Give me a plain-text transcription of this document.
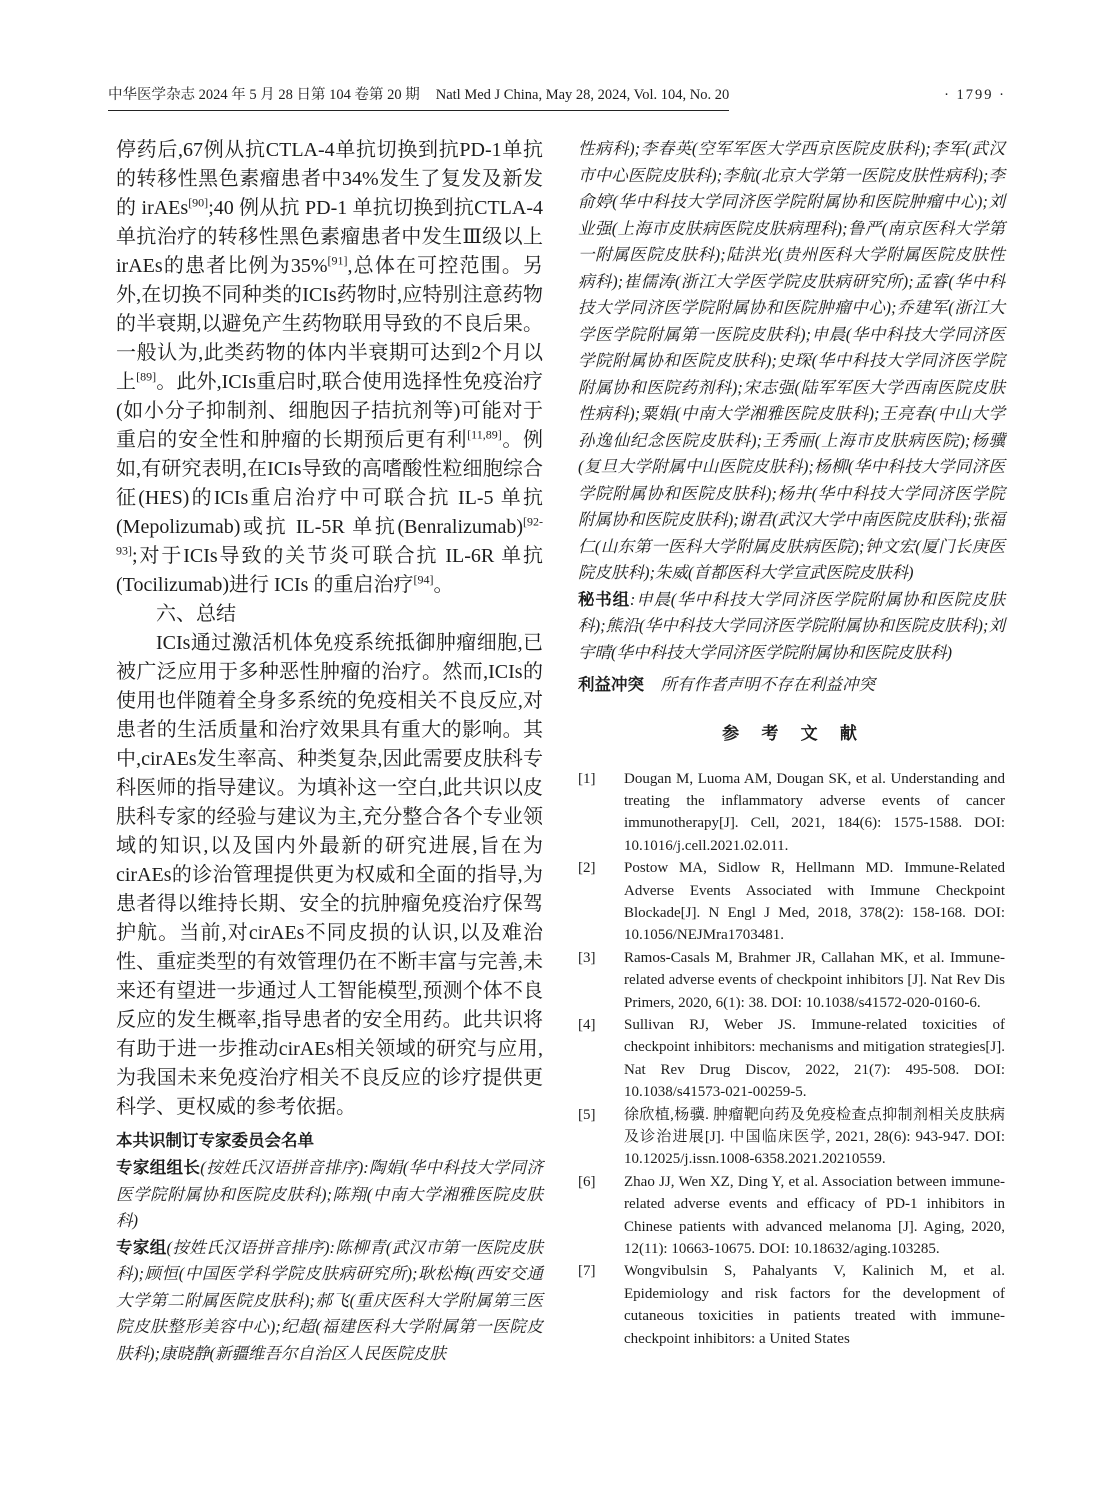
中华医学杂志 2024 年 5 月 28 日第 104 卷第 20 期 Natl Med J China, May 28, 2024, Vol. 104, No. 20	· 1799 ·

停药后,67例从抗CTLA-4单抗切换到抗PD-1单抗的转移性黑色素瘤患者中34%发生了复发及新发的 irAEs[90];40 例从抗 PD-1 单抗切换到抗CTLA-4单抗治疗的转移性黑色素瘤患者中发生Ⅲ级以上irAEs的患者比例为35%[91],总体在可控范围。另外,在切换不同种类的ICIs药物时,应特别注意药物的半衰期,以避免产生药物联用导致的不良后果。一般认为,此类药物的体内半衰期可达到2个月以上[89]。此外,ICIs重启时,联合使用选择性免疫治疗(如小分子抑制剂、细胞因子拮抗剂等)可能对于重启的安全性和肿瘤的长期预后更有利[11,89]。例如,有研究表明,在ICIs导致的高嗜酸性粒细胞综合征(HES)的ICIs重启治疗中可联合抗 IL-5 单抗(Mepolizumab)或抗 IL-5R 单抗(Benralizumab)[92-93];对于ICIs导致的关节炎可联合抗 IL-6R 单抗(Tocilizumab)进行 ICIs 的重启治疗[94]。

六、总结

ICIs通过激活机体免疫系统抵御肿瘤细胞,已被广泛应用于多种恶性肿瘤的治疗。然而,ICIs的使用也伴随着全身多系统的免疫相关不良反应,对患者的生活质量和治疗效果具有重大的影响。其中,cirAEs发生率高、种类复杂,因此需要皮肤科专科医师的指导建议。为填补这一空白,此共识以皮肤科专家的经验与建议为主,充分整合各个专业领域的知识,以及国内外最新的研究进展,旨在为cirAEs的诊治管理提供更为权威和全面的指导,为患者得以维持长期、安全的抗肿瘤免疫治疗保驾护航。当前,对cirAEs不同皮损的认识,以及难治性、重症类型的有效管理仍在不断丰富与完善,未来还有望进一步通过人工智能模型,预测个体不良反应的发生概率,指导患者的安全用药。此共识将有助于进一步推动cirAEs相关领域的研究与应用,为我国未来免疫治疗相关不良反应的诊疗提供更科学、更权威的参考依据。

本共识制订专家委员会名单

专家组组长(按姓氏汉语拼音排序):陶娟(华中科技大学同济医学院附属协和医院皮肤科);陈翔(中南大学湘雅医院皮肤科)

专家组(按姓氏汉语拼音排序):陈柳青(武汉市第一医院皮肤科);顾恒(中国医学科学院皮肤病研究所);耿松梅(西安交通大学第二附属医院皮肤科);郝飞(重庆医科大学附属第三医院皮肤整形美容中心);纪超(福建医科大学附属第一医院皮肤科);康晓静(新疆维吾尔自治区人民医院皮肤

性病科);李春英(空军军医大学西京医院皮肤科);李军(武汉市中心医院皮肤科);李航(北京大学第一医院皮肤性病科);李俞婷(华中科技大学同济医学院附属协和医院肿瘤中心);刘业强(上海市皮肤病医院皮肤病理科);鲁严(南京医科大学第一附属医院皮肤科);陆洪光(贵州医科大学附属医院皮肤性病科);崔儒涛(浙江大学医学院皮肤病研究所);孟睿(华中科技大学同济医学院附属协和医院肿瘤中心);乔建军(浙江大学医学院附属第一医院皮肤科);申晨(华中科技大学同济医学院附属协和医院皮肤科);史琛(华中科技大学同济医学院附属协和医院药剂科);宋志强(陆军军医大学西南医院皮肤性病科);粟娟(中南大学湘雅医院皮肤科);王亮春(中山大学孙逸仙纪念医院皮肤科);王秀丽(上海市皮肤病医院);杨骥(复旦大学附属中山医院皮肤科);杨柳(华中科技大学同济医学院附属协和医院皮肤科);杨井(华中科技大学同济医学院附属协和医院皮肤科);谢君(武汉大学中南医院皮肤科);张福仁(山东第一医科大学附属皮肤病医院);钟文宏(厦门长庚医院皮肤科);朱威(首都医科大学宣武医院皮肤科)

秘书组:申晨(华中科技大学同济医学院附属协和医院皮肤科);熊沿(华中科技大学同济医学院附属协和医院皮肤科);刘宇晴(华中科技大学同济医学院附属协和医院皮肤科)

利益冲突　所有作者声明不存在利益冲突

参 考 文 献
[1]	Dougan M, Luoma AM, Dougan SK, et al. Understanding and treating the inflammatory adverse events of cancer immunotherapy[J]. Cell, 2021, 184(6): 1575-1588. DOI: 10.1016/j.cell.2021.02.011.
[2]	Postow MA, Sidlow R, Hellmann MD. Immune-Related Adverse Events Associated with Immune Checkpoint Blockade[J]. N Engl J Med, 2018, 378(2): 158-168. DOI: 10.1056/NEJMra1703481.
[3]	Ramos-Casals M, Brahmer JR, Callahan MK, et al. Immune-related adverse events of checkpoint inhibitors [J]. Nat Rev Dis Primers, 2020, 6(1): 38. DOI: 10.1038/s41572-020-0160-6.
[4]	Sullivan RJ, Weber JS. Immune-related toxicities of checkpoint inhibitors: mechanisms and mitigation strategies[J]. Nat Rev Drug Discov, 2022, 21(7): 495-508. DOI: 10.1038/s41573-021-00259-5.
[5]	徐欣植,杨骥. 肿瘤靶向药及免疫检查点抑制剂相关皮肤病及诊治进展[J]. 中国临床医学, 2021, 28(6): 943-947. DOI: 10.12025/j.issn.1008-6358.2021.20210559.
[6]	Zhao JJ, Wen XZ, Ding Y, et al. Association between immune-related adverse events and efficacy of PD-1 inhibitors in Chinese patients with advanced melanoma [J]. Aging, 2020, 12(11): 10663-10675. DOI: 10.18632/aging.103285.
[7]	Wongvibulsin S, Pahalyants V, Kalinich M, et al. Epidemiology and risk factors for the development of cutaneous toxicities in patients treated with immune-checkpoint inhibitors: a United States
